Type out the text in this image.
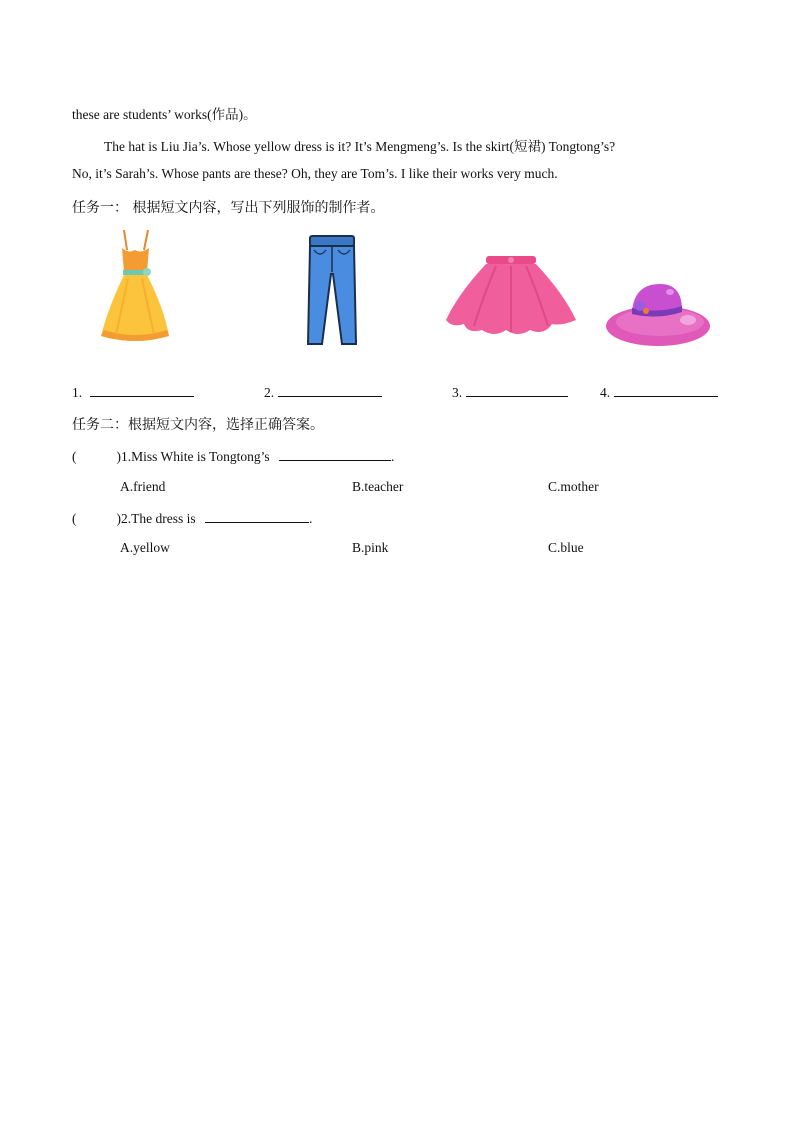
these are students’ works(作品)。
The hat is Liu Jia’s. Whose yellow dress is it? It’s Mengmeng’s. Is the skirt(短裙) Tongtong’s?
No, it’s Sarah’s. Whose pants are these? Oh, they are Tom’s. I like their works very much.
任务一： 根据短文内容，写出下列服饰的制作者。
1.	2.	3.	4.
任务二：根据短文内容，选择正确答案。
(	)1.Miss White is Tongtong’s	.
A.friend	B.teacher	C.mother
(	)2.The dress is	.
A.yellow	B.pink	C.blue
